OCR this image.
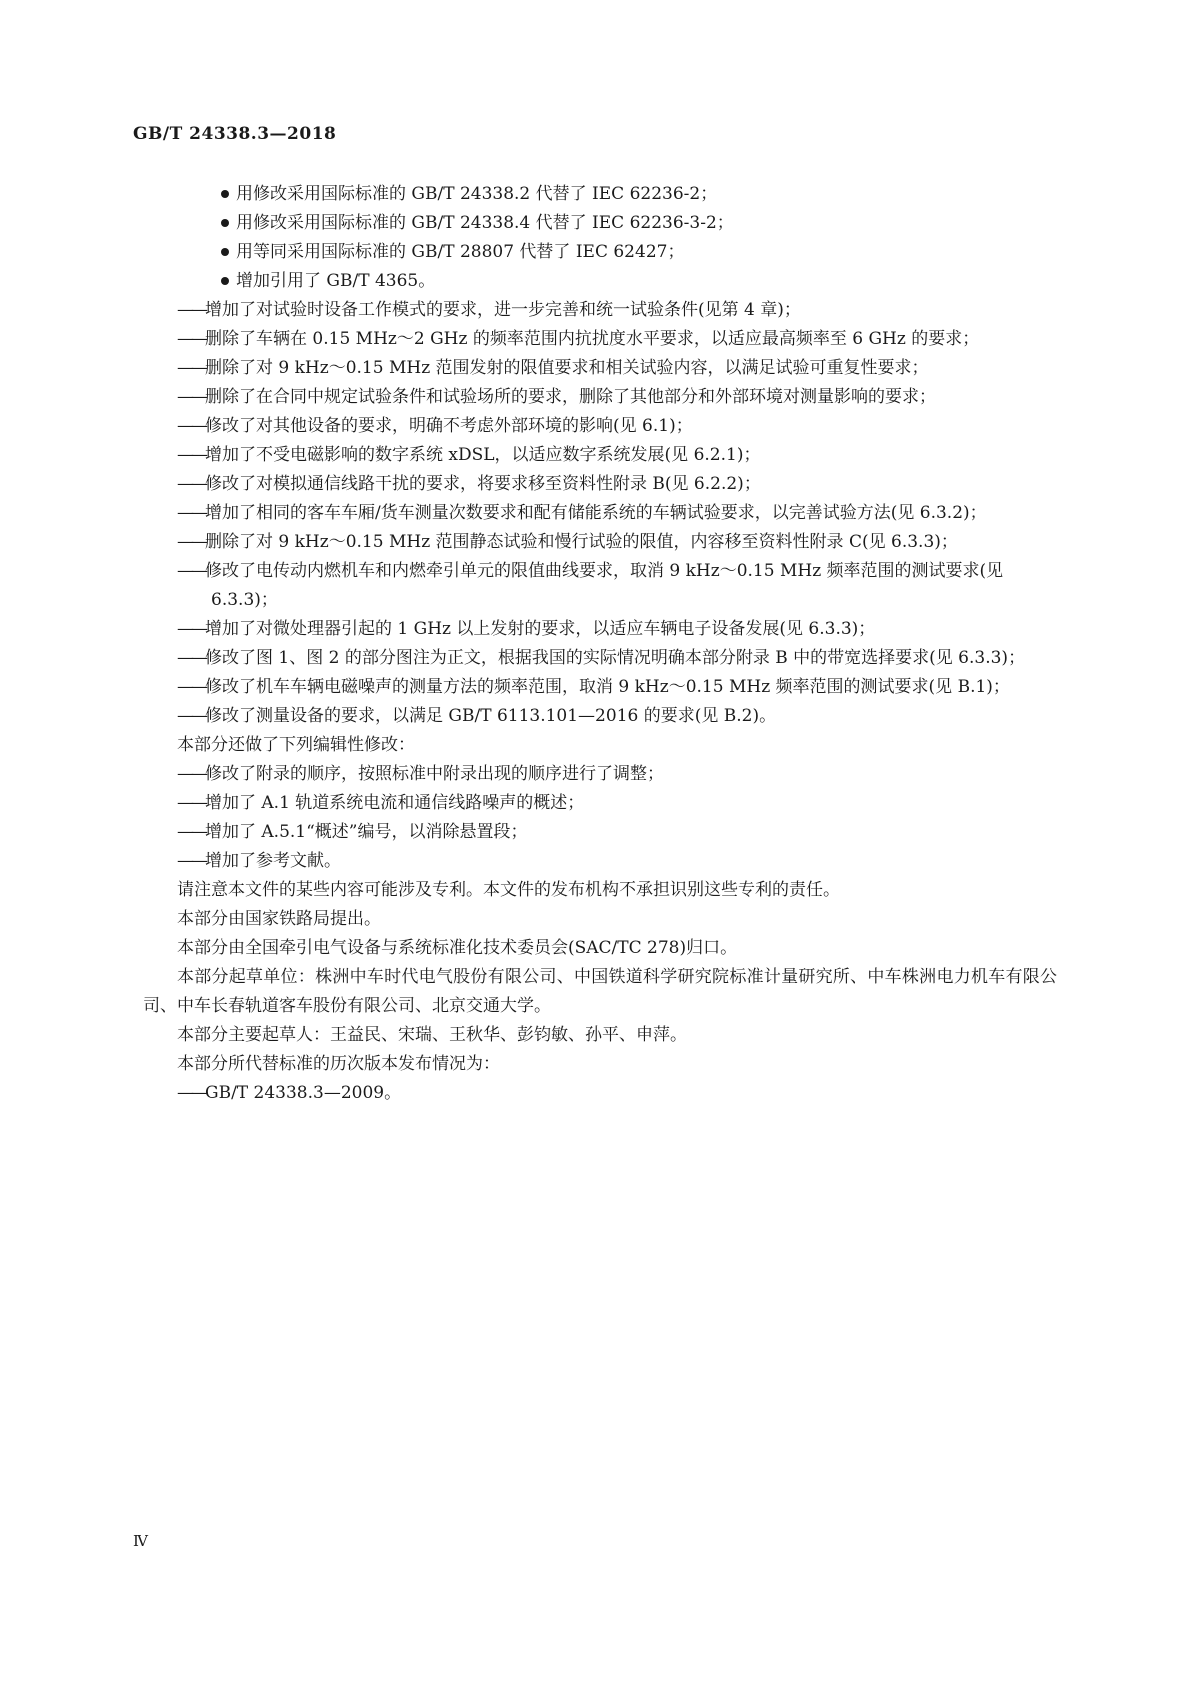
GB/T 24338.3—2018
用修改采用国际标准的 GB/T 24338.2 代替了 IEC 62236-2；
用修改采用国际标准的 GB/T 24338.4 代替了 IEC 62236-3-2；
用等同采用国际标准的 GB/T 28807 代替了 IEC 62427；
增加引用了 GB/T 4365。
——增加了对试验时设备工作模式的要求，进一步完善和统一试验条件(见第 4 章)；
——删除了车辆在 0.15 MHz～2 GHz 的频率范围内抗扰度水平要求，以适应最高频率至 6 GHz 的要求；
——删除了对 9 kHz～0.15 MHz 范围发射的限值要求和相关试验内容，以满足试验可重复性要求；
——删除了在合同中规定试验条件和试验场所的要求，删除了其他部分和外部环境对测量影响的要求；
——修改了对其他设备的要求，明确不考虑外部环境的影响(见 6.1)；
——增加了不受电磁影响的数字系统 xDSL，以适应数字系统发展(见 6.2.1)；
——修改了对模拟通信线路干扰的要求，将要求移至资料性附录 B(见 6.2.2)；
——增加了相同的客车车厢/货车测量次数要求和配有储能系统的车辆试验要求，以完善试验方法(见 6.3.2)；
——删除了对 9 kHz～0.15 MHz 范围静态试验和慢行试验的限值，内容移至资料性附录 C(见 6.3.3)；
——修改了电传动内燃机车和内燃牵引单元的限值曲线要求，取消 9 kHz～0.15 MHz 频率范围的测试要求(见 6.3.3)；
——增加了对微处理器引起的 1 GHz 以上发射的要求，以适应车辆电子设备发展(见 6.3.3)；
——修改了图 1、图 2 的部分图注为正文，根据我国的实际情况明确本部分附录 B 中的带宽选择要求(见 6.3.3)；
——修改了机车车辆电磁噪声的测量方法的频率范围，取消 9 kHz～0.15 MHz 频率范围的测试要求(见 B.1)；
——修改了测量设备的要求，以满足 GB/T 6113.101—2016 的要求(见 B.2)。
本部分还做了下列编辑性修改：
——修改了附录的顺序，按照标准中附录出现的顺序进行了调整；
——增加了 A.1 轨道系统电流和通信线路噪声的概述；
——增加了 A.5.1“概述”编号，以消除悬置段；
——增加了参考文献。
请注意本文件的某些内容可能涉及专利。本文件的发布机构不承担识别这些专利的责任。
本部分由国家铁路局提出。
本部分由全国牵引电气设备与系统标准化技术委员会(SAC/TC 278)归口。
本部分起草单位：株洲中车时代电气股份有限公司、中国铁道科学研究院标准计量研究所、中车株洲电力机车有限公司、中车长春轨道客车股份有限公司、北京交通大学。
本部分主要起草人：王益民、宋瑞、王秋华、彭钧敏、孙平、申萍。
本部分所代替标准的历次版本发布情况为：
——GB/T 24338.3—2009。
Ⅳ
